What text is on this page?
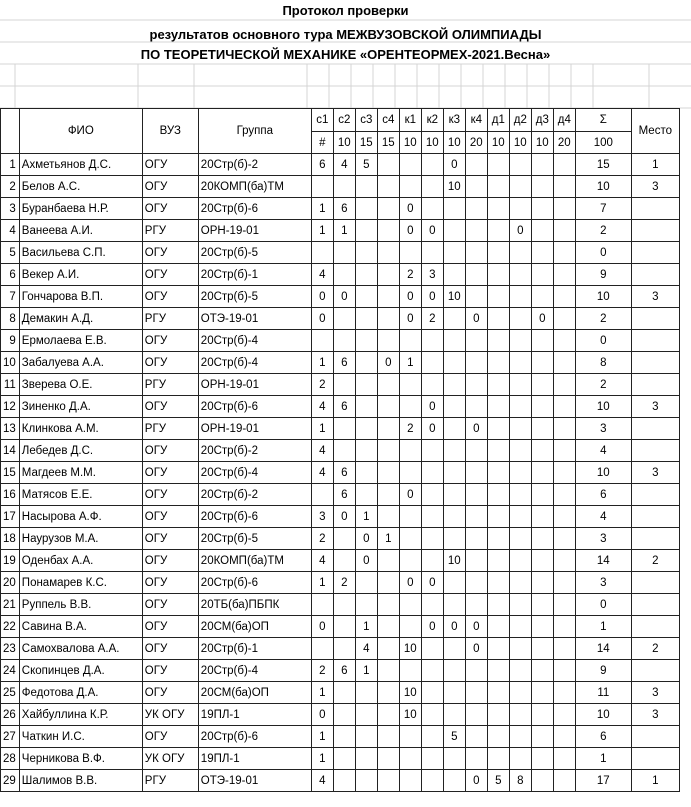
Протокол проверки
результатов основного тура МЕЖВУЗОВСКОЙ ОЛИМПИАДЫ
ПО ТЕОРЕТИЧЕСКОЙ МЕХАНИКЕ «ОРЕНТЕОРМЕХ-2021.Весна»
	ФИО	ВУЗ	Группа	с1	с2	с3	с4	к1	к2	к3	к4	д1	д2	д3	д4	Σ	Место
				#	10	15	15	10	10	10	20	10	10	10	20	100	
1	Ахметьянов Д.С.	ОГУ	20Стр(б)-2	6	4	5				0						15	1
2	Белов А.С.	ОГУ	20КОМП(ба)ТМ							10						10	3
3	Буранбаева Н.Р.	ОГУ	20Стр(б)-6	1	6			0								7	
4	Ванеева А.И.	РГУ	ОРН-19-01	1	1			0	0				0			2	
5	Васильева С.П.	ОГУ	20Стр(б)-5													0	
6	Векер А.И.	ОГУ	20Стр(б)-1	4				2	3							9	
7	Гончарова В.П.	ОГУ	20Стр(б)-5	0	0			0	0	10						10	3
8	Демакин А.Д.	РГУ	ОТЭ-19-01	0				0	2		0			0		2	
9	Ермолаева Е.В.	ОГУ	20Стр(б)-4													0	
10	Забалуева А.А.	ОГУ	20Стр(б)-4	1	6		0	1								8	
11	Зверева О.Е.	РГУ	ОРН-19-01	2												2	
12	Зиненко Д.А.	ОГУ	20Стр(б)-6	4	6				0							10	3
13	Клинкова А.М.	РГУ	ОРН-19-01	1				2	0		0					3	
14	Лебедев Д.С.	ОГУ	20Стр(б)-2	4												4	
15	Магдеев М.М.	ОГУ	20Стр(б)-4	4	6											10	3
16	Матясов Е.Е.	ОГУ	20Стр(б)-2		6			0								6	
17	Насырова А.Ф.	ОГУ	20Стр(б)-6	3	0	1										4	
18	Наурузов М.А.	ОГУ	20Стр(б)-5	2		0	1									3	
19	Оденбах А.А.	ОГУ	20КОМП(ба)ТМ	4		0				10						14	2
20	Понамарев К.С.	ОГУ	20Стр(б)-6	1	2			0	0							3	
21	Руппель В.В.	ОГУ	20ТБ(ба)ПБПК													0	
22	Савина В.А.	ОГУ	20СМ(ба)ОП	0		1			0	0	0					1	
23	Самохвалова А.А.	ОГУ	20Стр(б)-1			4		10			0					14	2
24	Скопинцев Д.А.	ОГУ	20Стр(б)-4	2	6	1										9	
25	Федотова Д.А.	ОГУ	20СМ(ба)ОП	1				10								11	3
26	Хайбуллина К.Р.	УК ОГУ	19ПЛ-1	0				10								10	3
27	Чаткин И.С.	ОГУ	20Стр(б)-6	1						5						6	
28	Черникова В.Ф.	УК ОГУ	19ПЛ-1	1												1	
29	Шалимов В.В.	РГУ	ОТЭ-19-01	4							0	5	8			17	1
